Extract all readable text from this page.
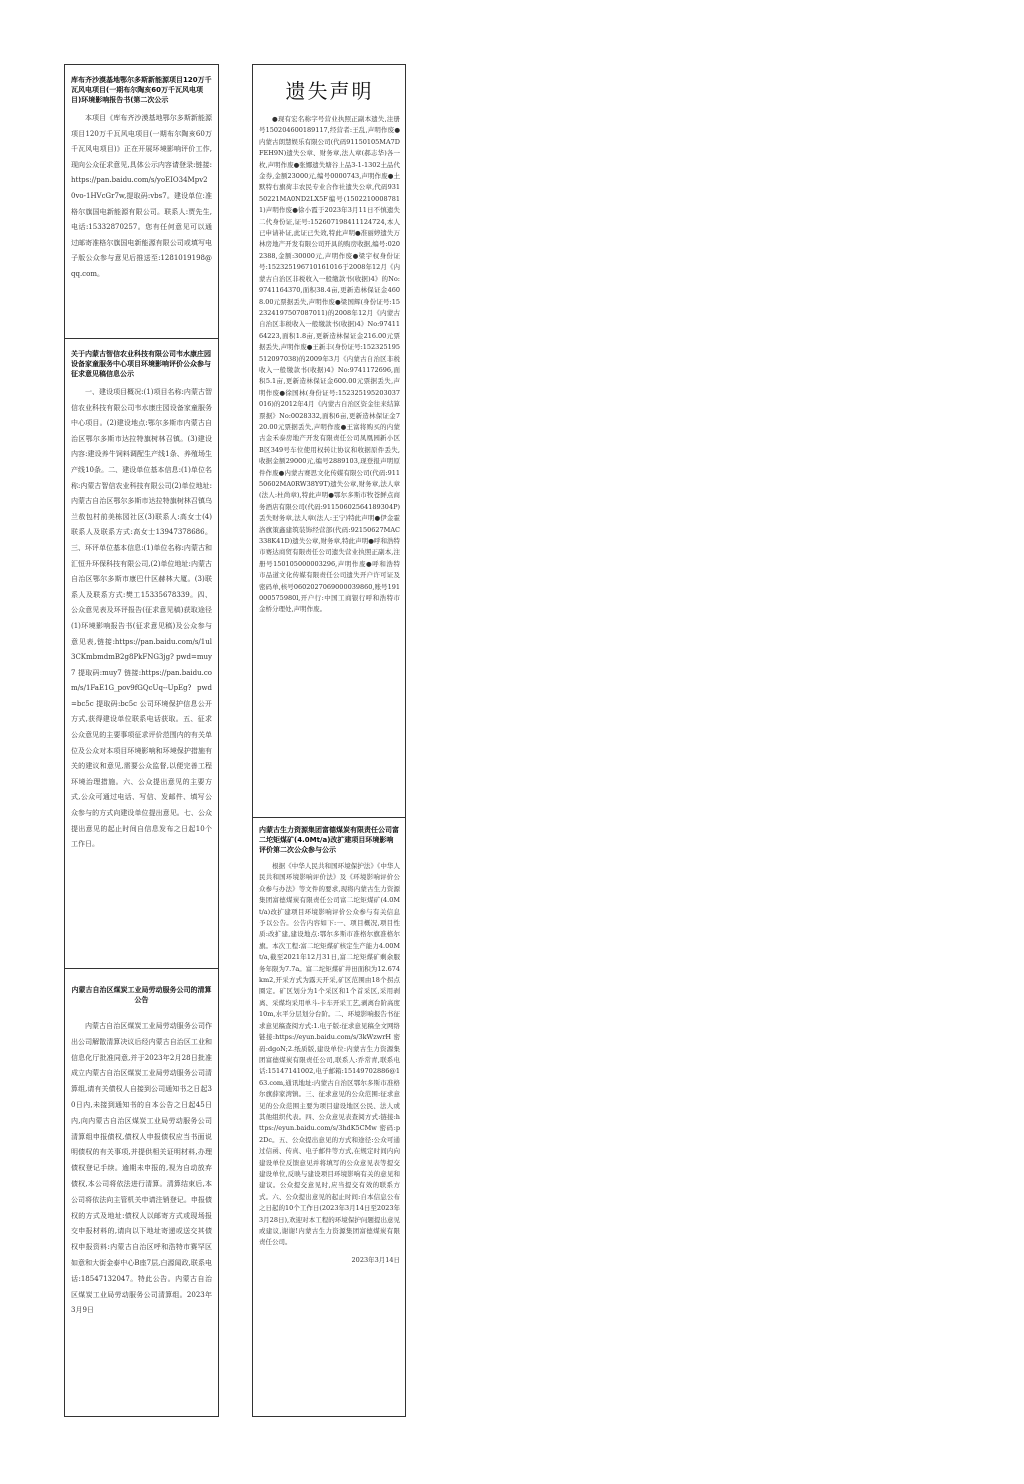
库布齐沙漠基地鄂尔多斯新能源项目120万千瓦风电项目(一期布尔陶亥60万千瓦风电项目)环境影响报告书(第二次公示

本项目《库布齐沙漠基地鄂尔多斯新能源项目120万千瓦风电项目(一期布尔陶亥60万千瓦风电项目)》正在开展环境影响评价工作,现向公众征求意见,具体公示内容请登录:链接:https://pan.baidu.com/s/yoEIO34Mpv20vo-1HVcGr7w,提取码:vbs7。建设单位:准格尔旗国电新能源有限公司。联系人:贾先生,电话:15332870257。您有任何意见可以通过邮寄准格尔旗国电新能源有限公司或填写电子版公众参与意见后推送至:1281019198@qq.com。

关于内蒙古智信农业科技有限公司韦水康庄园设备家童服务中心项目环境影响评价公众参与征求意见稿信息公示

一、建设项目概况:(1)项目名称:内蒙古智信农业科技有限公司韦水康庄园设备家童服务中心项目。(2)建设地点:鄂尔多斯市内蒙古自治区鄂尔多斯市达拉特旗树林召镇。(3)建设内容:建设养牛饲料调配生产线1条、养殖场生产线10条。二、建设单位基本信息:(1)单位名称:内蒙古智信农业科技有限公司(2)单位地址:内蒙古自治区鄂尔多斯市达拉特旗树林召镇乌兰敖包村前美栋园社区(3)联系人:高女士(4)联系人及联系方式:高女士13947378686。三、环评单位基本信息:(1)单位名称:内蒙古和汇恒升环保科技有限公司,(2)单位地址:内蒙古自治区鄂尔多斯市康巴什区赫林大厦。(3)联系人及联系方式:樊工15335678339。四、公众意见表及环评报告(征求意见稿)获取途径(1)环境影响报告书(征求意见稿)及公众参与意见表,链接:https://pan.baidu.com/s/1ul3CKmbmdmB2g8PkFNG3jg? pwd=muy7 提取码:muy7 链接:https://pan.baidu.com/s/1FaE1G_pov9fGQcUq--UpEg? pwd=bc5c 提取码:bc5c 公司环境保护信息公开方式,获得建设单位联系电话获取。五、征求公众意见的主要事项征求评价范围内的有关单位及公众对本项目环境影响和环境保护措施有关的建议和意见,需要公众监督,以便完善工程环境治理措施。六、公众提出意见的主要方式,公众可通过电话、写信、发邮件、填写公众参与的方式向建设单位提出意见。七、公众提出意见的起止时间自信息发布之日起10个工作日。

内蒙古自治区煤炭工业局劳动服务公司的清算公告

内蒙古自治区煤炭工业局劳动服务公司作出公司解散清算决议后经内蒙古自治区工业和信息化厅批准同意,并于2023年2月28日批准成立内蒙古自治区煤炭工业局劳动服务公司清算组,请有关债权人自接到公司通知书之日起30日内,未接到通知书的自本公告之日起45日内,向内蒙古自治区煤炭工业局劳动服务公司清算组申报债权,债权人申报债权应当书面说明债权的有关事项,并提供相关证明材料,办理债权登记手续。逾期未申报的,视为自动放弃债权,本公司将依法进行清算。清算结束后,本公司将依法向主管机关申请注销登记。申报债权的方式及地址:债权人以邮寄方式或现场报交申报材料的,请向以下地址寄递或送交其债权申报资料:内蒙古自治区呼和浩特市赛罕区如意和大街金泰中心B座7层,白源闻政,联系电话:18547132047。特此公告。内蒙古自治区煤炭工业局劳动服务公司清算组。2023年3月9日

遗失声明

●现有宏名称字号营业执照正副本遗失,注册号150204600189117,经营者:王乱,声明作废●内蒙古朗慧娱乐有限公司(代码91150105MA7DFEH9N)遗失公章、财务章,法人章(郝志华)各一枚,声明作废●张娜遗失塘谷上品3-1-1302土品代金券,金额23000元,编号0000743,声明作废●土默特右旗荷丰农民专业合作社遗失公章,代码93150221MA0ND2LX5F编号(15022100087811)声明作废●徐小霞于2023年3月11日不慎遗失二代身份证,证号:152607198411124724,本人已申请补证,此证已失效,特此声明●准丽婷遗失万林房地产开发有限公司开具的购房收据,编号:0202388,金额:30000元,声明作废●梁宇权身份证号:152325196710161016于2008年12月《内蒙古自治区非税收入一般缴款书(收据)4》的No:9741164370,面积38.4亩,更新造林保证金4608.00元票据丢失,声明作废●梁国辉(身份证号:152324197507087011)的2008年12月《内蒙古自治区非税收入一般缴款书(收据)4》No:9741164223,面积1.8亩,更新造林保证金216.00元票据丢失,声明作废●王新丰(身份证号:152325195512097038)的2009年3月《内蒙古自治区非税收入一般缴款书(收据)4》No:9741172696,面积5.1亩,更新造林保证金600.00元票据丢失,声明作废●徐国林(身份证号:152325195203037016)的2012年4月《内蒙古自治区资金往来结算票据》No:0028332,面积6亩,更新造林保证金720.00元票据丢失,声明作废●王富将购买的内蒙古金禾泰房地产开发有限责任公司凤凰园新小区B区349号车位使用权转让协议和收据原件丢失,收据金额29000元,编号2889103,现登报声明原件作废●内蒙古赛思文化传媒有限公司(代码:91150602MA0RW38Y9T)遗失公章,财务章,法人章(法人:杜尚章),特此声明●鄂尔多斯市牧苍鲜点商务酒店有限公司(代码:91150602564189304P)丢失财务章,法人章(法人:王宁)特此声明●伊金霍洛旗策鑫建筑装饰经营部(代码:92150627MAC338K41D)遗失公章,财务章,特此声明●呼和浩特市赛达商贸有限责任公司遗失营业执照正副本,注册号150105000003296,声明作废●呼和浩特市品道文化传媒有限责任公司遗失开户许可证及密码单,核号0602027069000039860,账号191000575980l,开户行:中国工商银行呼和浩特市金桥分理处,声明作废。

内蒙古生力资源集团富德煤炭有限责任公司富二坨矩煤矿(4.0Mt/a)改扩建项目环境影响评价第二次公众参与公示

根据《中华人民共和国环境保护法》《中华人民共和国环境影响评价法》及《环境影响评价公众参与办法》等文件的要求,现将内蒙古生力资源集团富德煤炭有限责任公司富二坨矩煤矿(4.0Mt/a)改扩建项目环境影响评价公众参与有关信息予以公告。公告内容如下:一、项目概况,项目性质:改扩建,建设地点:鄂尔多斯市准格尔旗准格尔旗。本次工程:富二坨矩煤矿核定生产能力4.00Mt/a,截至2021年12月31日,富二坨矩煤矿剩余服务年限为7.7a。富二坨矩煤矿井田面积为12.674km2,开采方式为露天开采,矿区范围由18个拐点圈定。矿区划分为1个采区和1个首采区,采用剥离、采煤均采用单斗-卡车开采工艺,剥离台阶高度10m,水平分层划分台阶。二、环境影响报告书征求意见稿查阅方式:1.电子版:征求意见稿全文网络链接:https://eyun.baidu.com/s/3kWzwrH 密码:dgoN;2.纸质版,建设单位:内蒙古生力资源集团富德煤炭有限责任公司,联系人:乔常青,联系电话:15147141002,电子邮箱:15149702886@163.com,通讯地址:内蒙古自治区鄂尔多斯市准格尔旗薛家湾镇。三、征求意见的公众范围:征求意见的公众范围主要为项目建设地区公民、法人或其他组织代表。四、公众意见表查阅方式:链接:https://eyun.baidu.com/s/3hdK5CMw 密码:p2Dc。五、公众提出意见的方式和途径:公众可通过信函、传真、电子邮件等方式,在规定时间内向建设单位反馈意见并将填写的公众意见表等提交建设单位,反映与建设项目环境影响有关的意见和建议。公众提交意见时,应当提交有效的联系方式。六、公众提出意见的起止时间:自本信息公布之日起的10个工作日(2023年3月14日至2023年3月28日),欢迎对本工程的环境保护问题提出意见或建议,谢谢!内蒙古生力资源集团富德煤炭有限责任公司。

2023年3月14日
